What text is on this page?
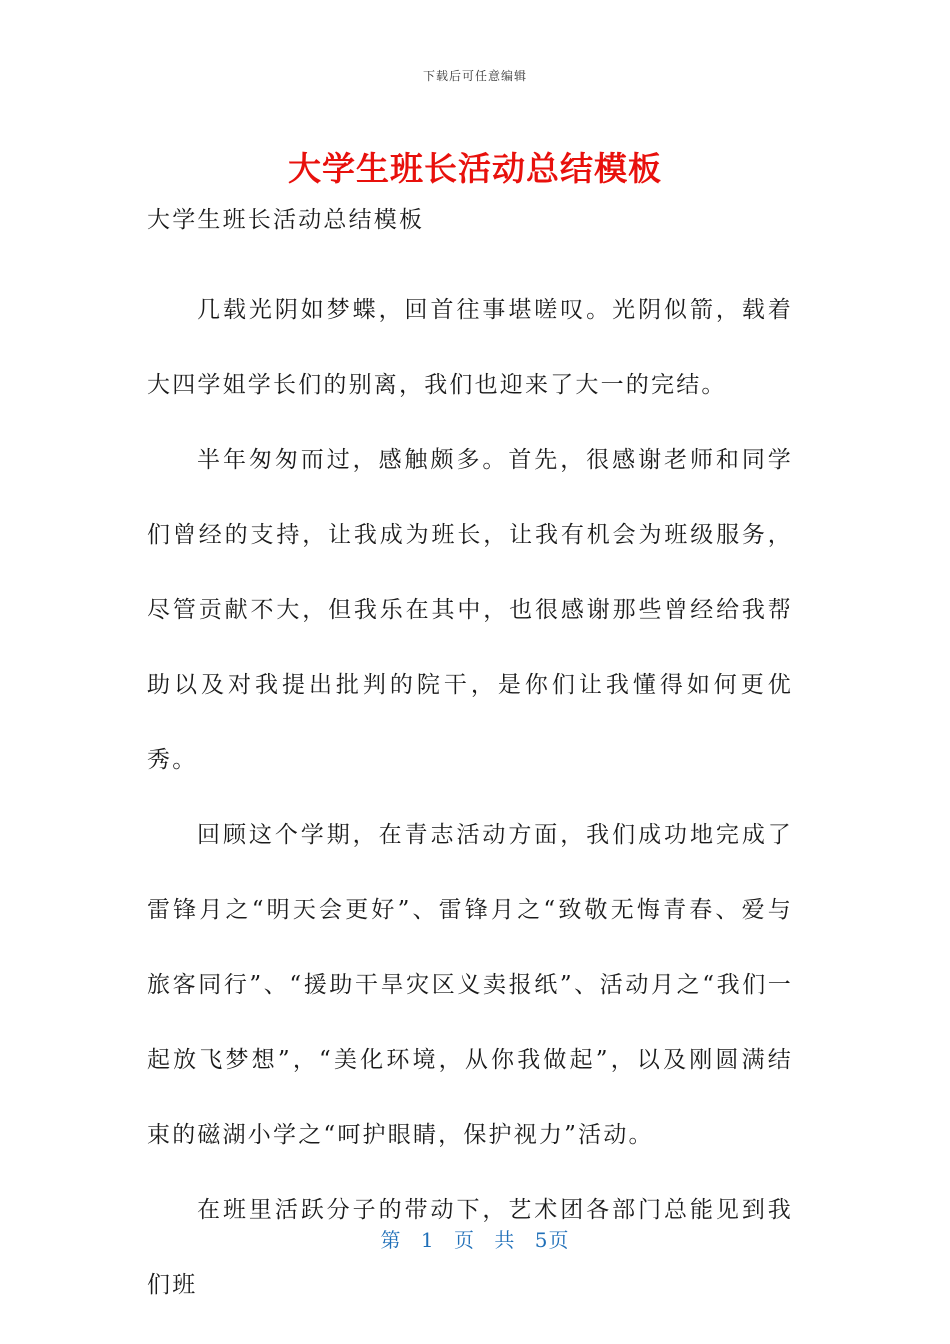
下载后可任意编辑
大学生班长活动总结模板

大学生班长活动总结模板

几载光阴如梦蝶，回首往事堪嗟叹。光阴似箭，载着大四学姐学长们的别离，我们也迎来了大一的完结。

半年匆匆而过，感触颇多。首先，很感谢老师和同学们曾经的支持，让我成为班长，让我有机会为班级服务，尽管贡献不大，但我乐在其中，也很感谢那些曾经给我帮助以及对我提出批判的院干，是你们让我懂得如何更优秀。

回顾这个学期，在青志活动方面，我们成功地完成了雷锋月之“明天会更好”、雷锋月之“致敬无悔青春、爱与旅客同行”、“援助干旱灾区义卖报纸”、活动月之“我们一起放飞梦想”，“美化环境，从你我做起”，以及刚圆满结束的磁湖小学之“呵护眼睛，保护视力”活动。

在班里活跃分子的带动下，艺术团各部门总能见到我们班

第 1 页 共 5页
